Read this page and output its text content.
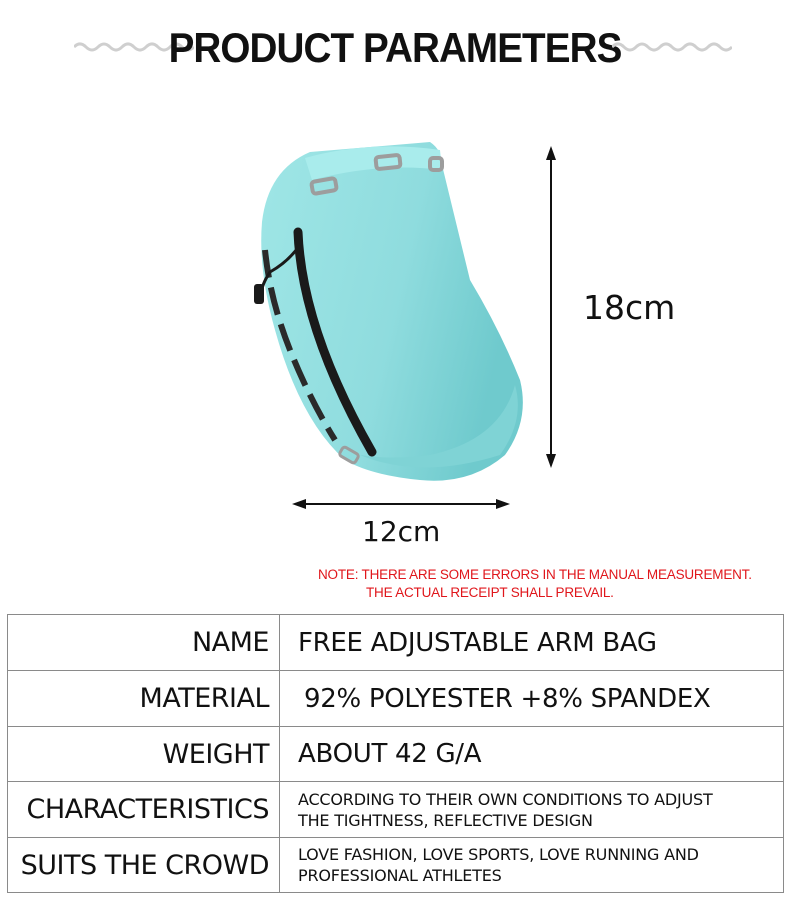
PRODUCT PARAMETERS
18cm
12cm
NOTE: THERE ARE SOME ERRORS IN THE MANUAL MEASUREMENT.
THE ACTUAL RECEIPT SHALL PREVAIL.
NAME	FREE ADJUSTABLE ARM BAG
MATERIAL	92% POLYESTER +8% SPANDEX
WEIGHT	ABOUT 42 G/A
CHARACTERISTICS	ACCORDING TO THEIR OWN CONDITIONS TO ADJUST
THE TIGHTNESS, REFLECTIVE DESIGN

SUITS THE CROWD	LOVE FASHION, LOVE SPORTS, LOVE RUNNING AND
PROFESSIONAL ATHLETES
